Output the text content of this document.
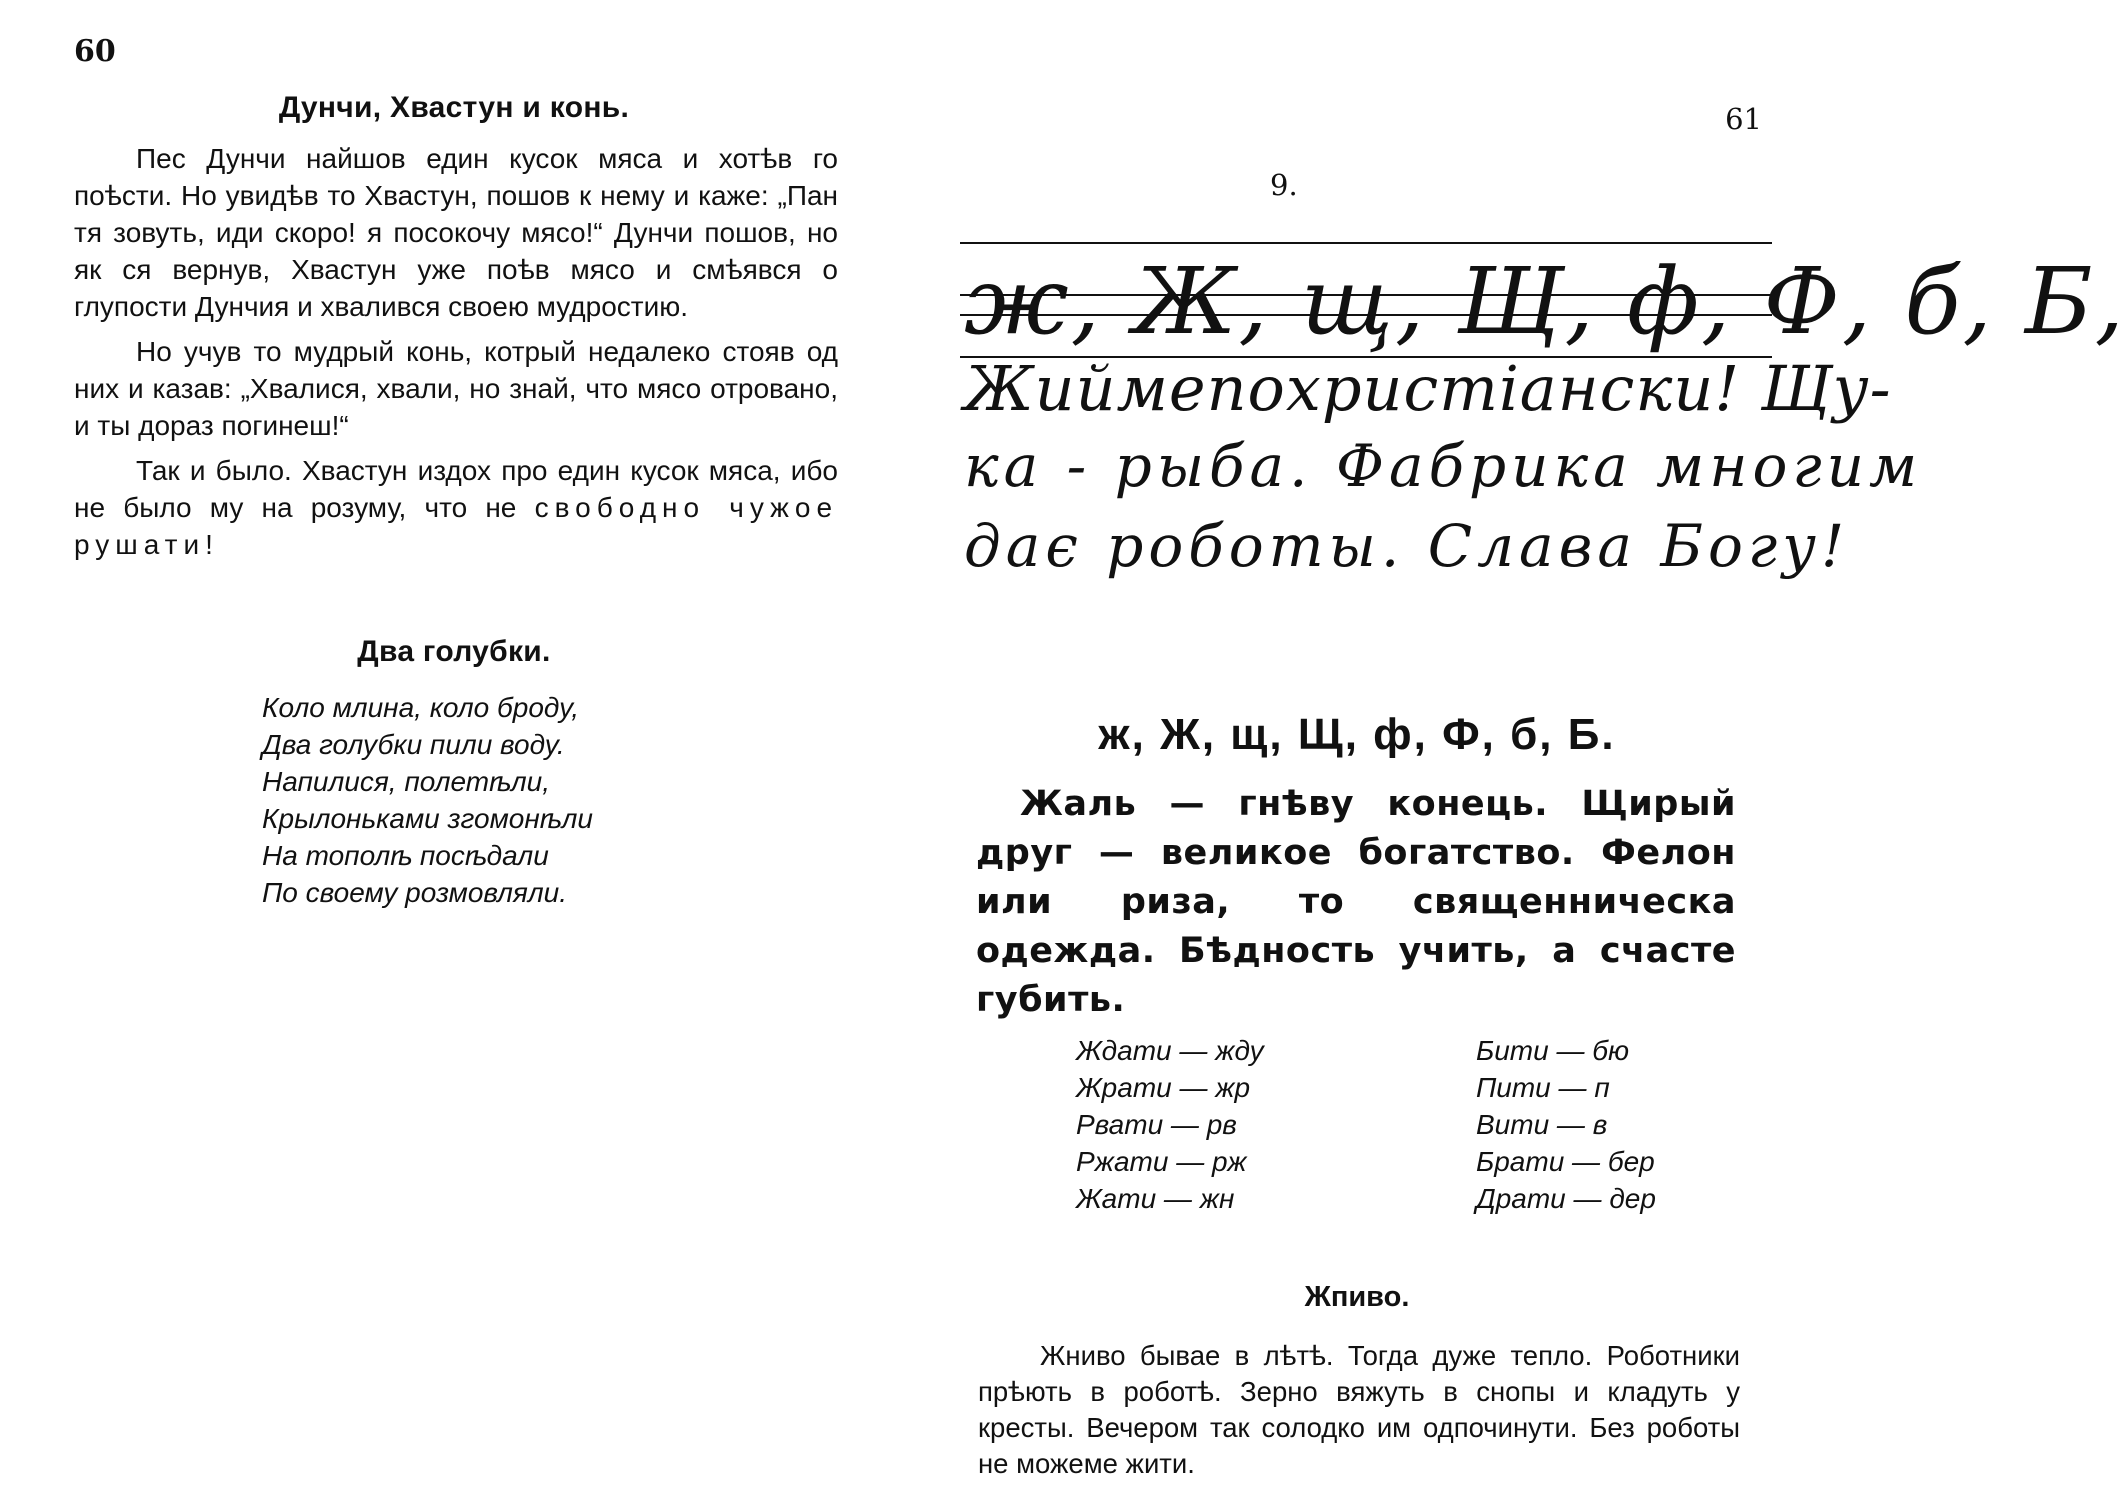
60
Дунчи, Хвастун и конь.

Пес Дунчи найшов един кусок мяса и хотѣв го поѣсти. Но увидѣв то Хвастун, пошов к нему и каже: „Пан тя зовуть, иди скоро! я посокочу мясо!“ Дунчи пошов, но як ся вернув, Хвастун уже поѣв мясо и смѣявся о глупости Дунчия и хвалився своею мудростию.

Но учув то мудрый конь, котрый недалеко стояв од них и казав: „Хвалися, хвали, но знай, что мясо отровано, и ты дораз погинеш!“

Так и было. Хвастун издох про един кусок мяса, ибо не было му на розуму, что не свободно чужое рушати!

Два голубки.
Коло млина, коло броду,
Два голубки пили воду.
Напилися, полетѣли,
Крылоньками згомонѣли
На тополѣ посѣдали
По своему розмовляли.
61
9.
ж, Ж, щ, Щ, ф, Ф, б, Б,
Жиймепохристіански! Щу-
ка - рыба. Фабрика многим
дає роботы. Слава Богу!
ж, Ж, щ, Щ, ф, Ф, б, Б.
Жаль — гнѣву конець. Щирый друг — великое богатство. Фелон или риза, то священническа одежда. Бѣдность учить, а счасте губить.
Ждати — жду
Жрати — жр
Рвати — рв
Ржати — рж
Жати — жн
Бити — бю
Пити — п
Вити — в
Брати — бер
Драти — дер
Жпиво.

Жниво бывае в лѣтѣ. Тогда дуже тепло. Роботники прѣють в роботѣ. Зерно вяжуть в снопы и кладуть у кресты. Вечером так солодко им одпочинути. Без роботы не можеме жити.
